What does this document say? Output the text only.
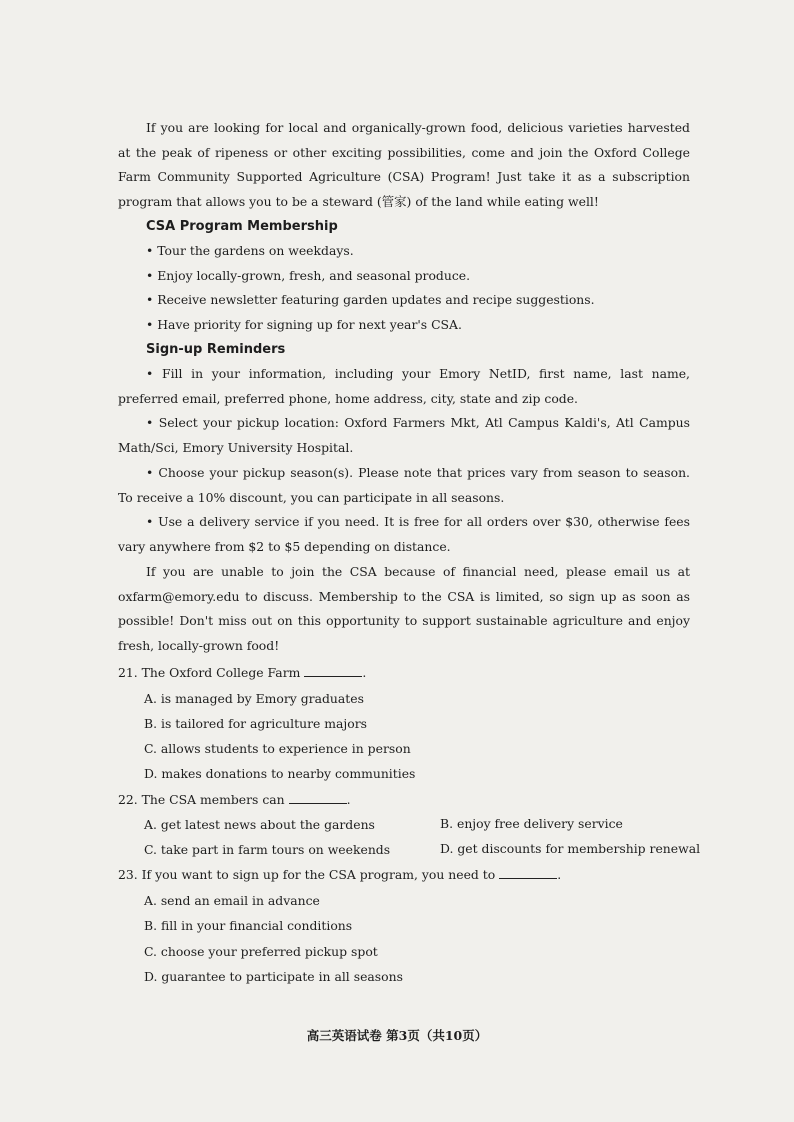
If you are looking for local and organically-grown food, delicious varieties harvested at the peak of ripeness or other exciting possibilities, come and join the Oxford College Farm Community Supported Agriculture (CSA) Program! Just take it as a subscription program that allows you to be a steward (管家) of the land while eating well!
CSA Program Membership
• Tour the gardens on weekdays.
• Enjoy locally-grown, fresh, and seasonal produce.
• Receive newsletter featuring garden updates and recipe suggestions.
• Have priority for signing up for next year's CSA.
Sign-up Reminders
• Fill in your information, including your Emory NetID, first name, last name, preferred email, preferred phone, home address, city, state and zip code.
• Select your pickup location: Oxford Farmers Mkt, Atl Campus Kaldi's, Atl Campus Math/Sci, Emory University Hospital.
• Choose your pickup season(s). Please note that prices vary from season to season. To receive a 10% discount, you can participate in all seasons.
• Use a delivery service if you need. It is free for all orders over $30, otherwise fees vary anywhere from $2 to $5 depending on distance.
If you are unable to join the CSA because of financial need, please email us at oxfarm@emory.edu to discuss. Membership to the CSA is limited, so sign up as soon as possible! Don't miss out on this opportunity to support sustainable agriculture and enjoy fresh, locally-grown food!
21. The Oxford College Farm	.
A. is managed by Emory graduates
B. is tailored for agriculture majors
C. allows students to experience in person
D. makes donations to nearby communities
22. The CSA members can	.
A. get latest news about the gardens	B. enjoy free delivery service
C. take part in farm tours on weekends	D. get discounts for membership renewal
23. If you want to sign up for the CSA program, you need to	.
A. send an email in advance
B. fill in your financial conditions
C. choose your preferred pickup spot
D. guarantee to participate in all seasons
高三英语试卷 第3页（共10页）
